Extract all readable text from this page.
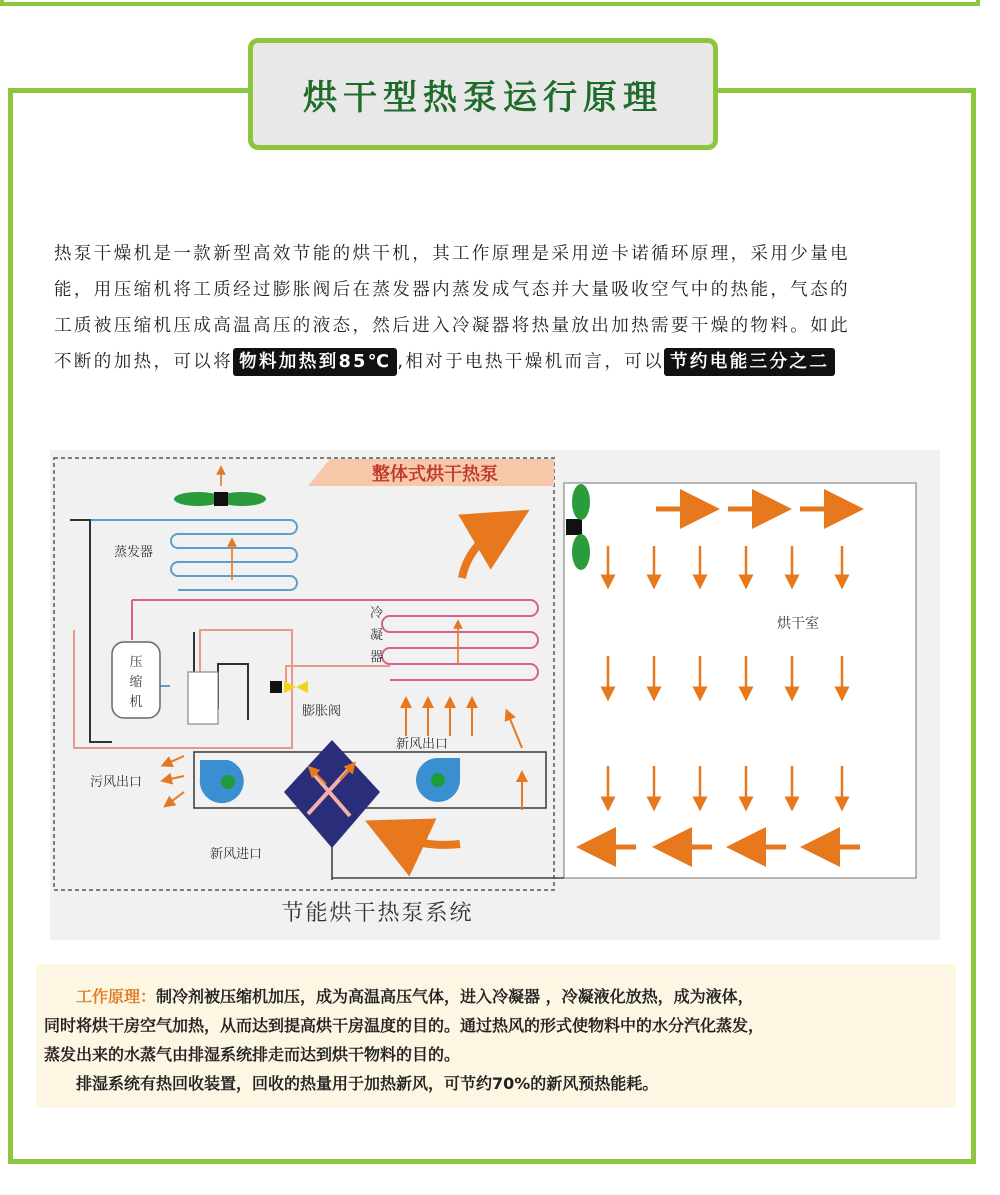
烘干型热泵运行原理

热泵干燥机是一款新型高效节能的烘干机，其工作原理是采用逆卡诺循环原理，采用少量电

能，用压缩机将工质经过膨胀阀后在蒸发器内蒸发成气态并大量吸收空气中的热能，气态的

工质被压缩机压成高温高压的液态，然后进入冷凝器将热量放出加热需要干燥的物料。如此

不断的加热，可以将 物料加热到85℃ ,相对于电热干燥机而言，可以 节约电能三分之二

整体式烘干热泵
蒸发器
冷
凝
器
压
缩
机
膨胀阀
新风出口
污风出口
新风进口
烘干室
节能烘干热泵系统

工作原理：制冷剂被压缩机加压，成为高温高压气体，进入冷凝器 ，冷凝液化放热，成为液体，

同时将烘干房空气加热，从而达到提高烘干房温度的目的。通过热风的形式使物料中的水分汽化蒸发，

蒸发出来的水蒸气由排湿系统排走而达到烘干物料的目的。

排湿系统有热回收装置，回收的热量用于加热新风，可节约70%的新风预热能耗。
